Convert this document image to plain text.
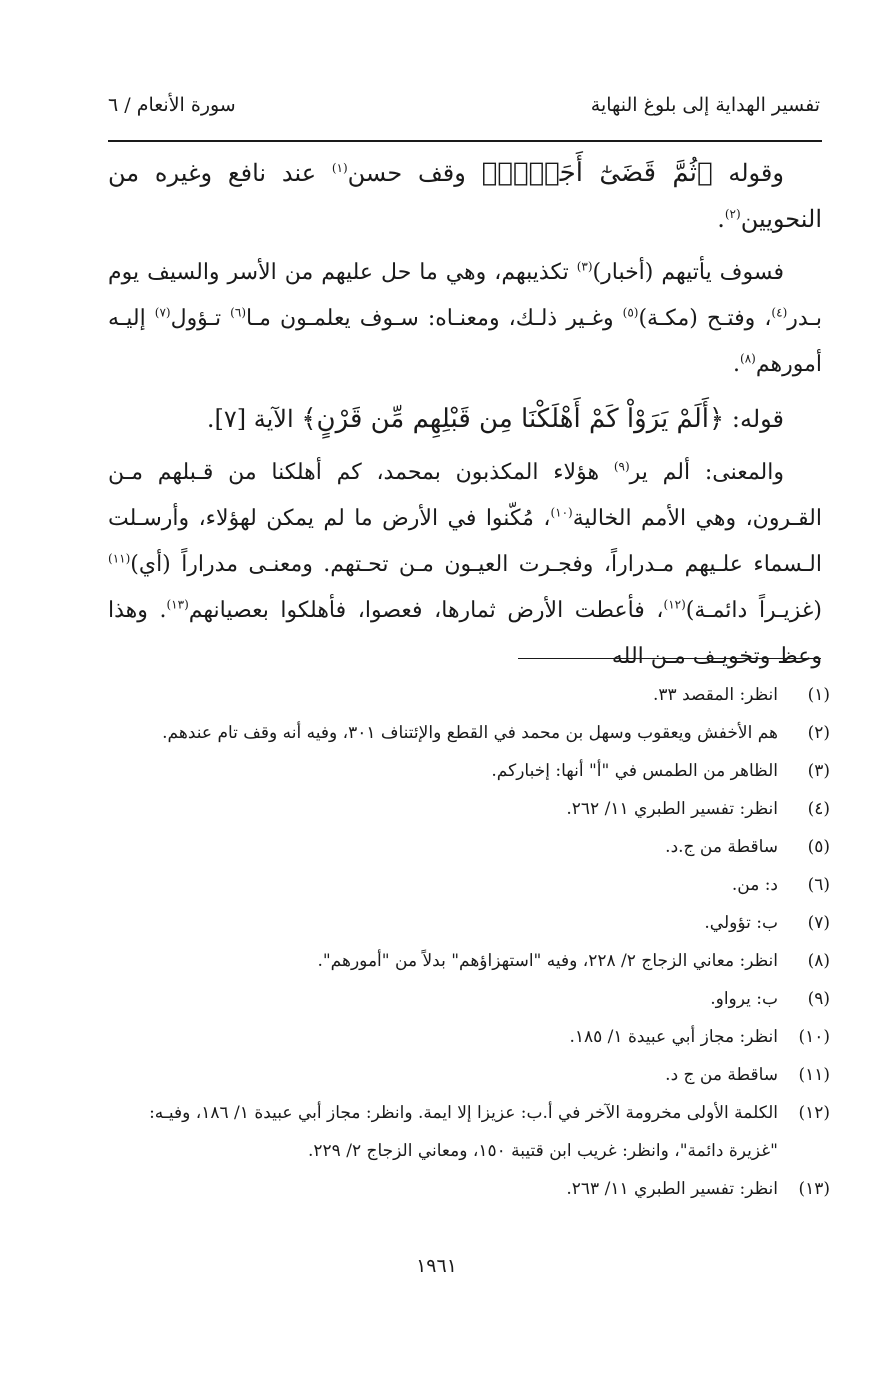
تفسير الهداية إلى بلوغ النهاية
سورة الأنعام / ٦

وقوله ﴿ثُمَّ قَضَىٰٓ أَجَلًاۖ﴾ وقف حسن$^{(١)}$ عند نافع وغيره من النحويين$^{(٢)}$.

فسوف يأتيهم (أخبار)$^{(٣)}$ تكذيبهم، وهي ما حل عليهم من الأسر والسيف يوم بـدر$^{(٤)}$، وفتـح (مكـة)$^{(٥)}$ وغـير ذلـك، ومعنـاه: سـوف يعلمـون مـا$^{(٦)}$ تـؤول$^{(٧)}$ إليـه أمورهم$^{(٨)}$.

قوله: ﴿أَلَمْ يَرَوْاْ كَمْ أَهْلَكْنَا مِن قَبْلِهِم مِّن قَرْنٍ﴾ الآية [٧].

والمعنى: ألم ير$^{(٩)}$ هؤلاء المكذبون بمحمد، كم أهلكنا من قـبلهم مـن القـرون، وهي الأمم الخالية$^{(١٠)}$، مُكّنوا في الأرض ما لم يمكن لهؤلاء، وأرسـلت الـسماء علـيهم مـدراراً، وفجـرت العيـون مـن تحـتهم. ومعنـى مدراراً (أي)$^{(١١)}$ (غزيـراً دائمـة)$^{(١٢)}$، فأعطت الأرض ثمارها، فعصوا، فأهلكوا بعصيانهم$^{(١٣)}$. وهذا وعظ وتخويـف مـن الله

(١)
انظر: المقصد ٣٣.
(٢)
هم الأخفش ويعقوب وسهل بن محمد في القطع والإئتناف ٣٠١، وفيه أنه وقف تام عندهم.
(٣)
الظاهر من الطمس في "أ" أنها: إخباركم.
(٤)
انظر: تفسير الطبري ١١/ ٢٦٢.
(٥)
ساقطة من ج.د.
(٦)
د: من.
(٧)
ب: تؤولي.
(٨)
انظر: معاني الزجاج ٢/ ٢٢٨، وفيه "استهزاؤهم" بدلاً من "أمورهم".
(٩)
ب: يرواو.
(١٠)
انظر: مجاز أبي عبيدة ١/ ١٨٥.
(١١)
ساقطة من ج د.
(١٢)
الكلمة الأولى مخرومة الآخر في أ.ب: عزيزا إلا ايمة. وانظر: مجاز أبي عبيدة ١/ ١٨٦، وفيـه:
"غزيرة دائمة"، وانظر: غريب ابن قتيبة ١٥٠، ومعاني الزجاج ٢/ ٢٢٩.
(١٣)
انظر: تفسير الطبري ١١/ ٢٦٣.
١٩٦١
